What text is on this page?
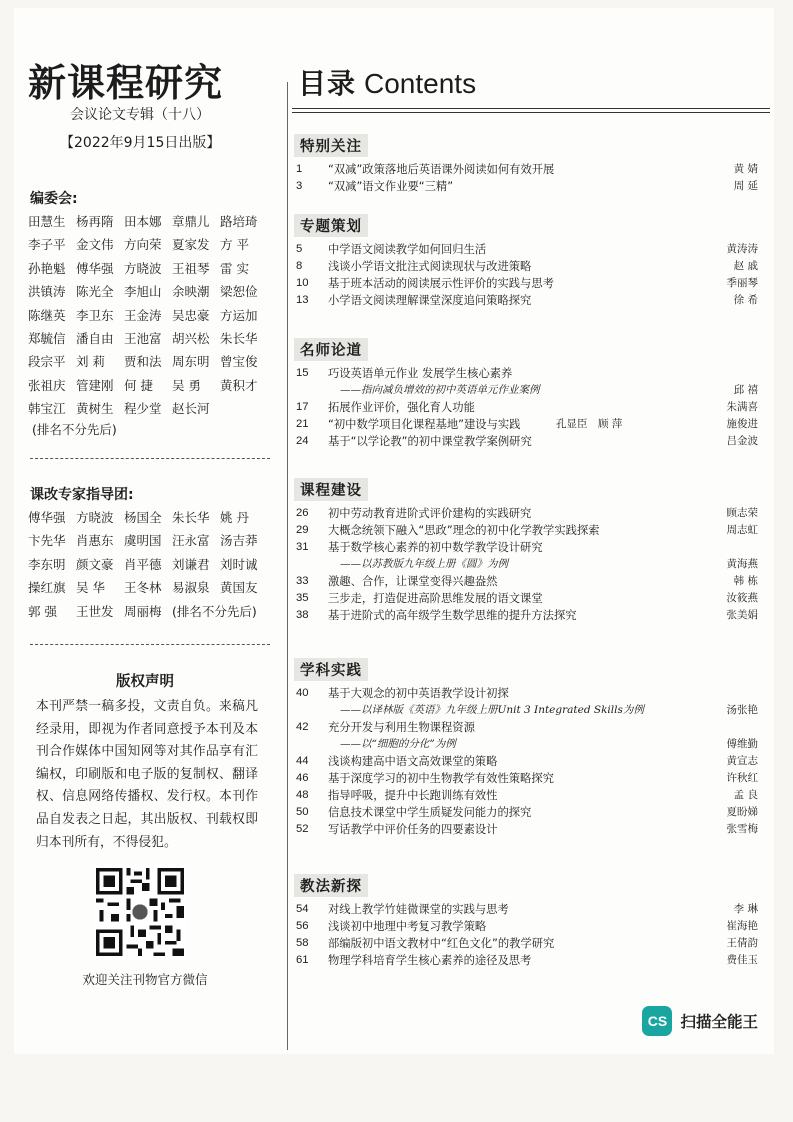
新课程研究
会议论文专辑（十八）
【2022年9月15日出版】
编委会:
田慧生 杨再隋 田本娜 章鼎儿 路培琦
李子平 金文伟 方向荣 夏家发 方 平
孙艳魁 傅华强 方晓波 王祖琴 雷 实
洪镇涛 陈光全 李旭山 余映潮 梁恕俭
陈继英 李卫东 王金涛 吴忠豪 方运加
郑毓信 潘自由 王池富 胡兴松 朱长华
段宗平 刘 莉	贾和法 周东明 曾宝俊
张祖庆 管建刚 何 捷	吴 勇	黄积才
韩宝江 黄树生 程少堂 赵长河
(排名不分先后)
课改专家指导团:
傅华强 方晓波 杨国全 朱长华 姚 丹
卞先华 肖惠东 虞明国 汪永富 汤吉莽
李东明 颜文豪 肖平德 刘谦君 刘时诚
操红旗 吴 华	王冬林 易淑泉 黄国友
郭 强	王世发 周丽梅 (排名不分先后)
版权声明
本刊严禁一稿多投，文责自负。来稿凡经录用，即视为作者同意授予本刊及本刊合作媒体中国知网等对其作品享有汇编权，印刷版和电子版的复制权、翻译权、信息网络传播权、发行权。本刊作品自发表之日起，其出版权、刊载权即归本刊所有，不得侵犯。
欢迎关注刊物官方微信
目录 Contents
特别关注
1	“双减”政策落地后英语课外阅读如何有效开展	黄 婧
3	“双减”语文作业要“三精”	周 延
专题策划
5	中学语文阅读教学如何回归生活	黄涛涛
8	浅谈小学语文批注式阅读现状与改进策略	赵 戚
10	基于班本活动的阅读展示性评价的实践与思考	季丽琴
13	小学语文阅读理解课堂深度追问策略探究	徐 希
名师论道
15	巧设英语单元作业 发展学生核心素养
——指向减负增效的初中英语单元作业案例	邱 禧
17	拓展作业评价，强化育人功能	朱满喜
21	“初中数学项目化课程基地”建设与实践	孔显臣　顾 萍	施俊进
24	基于“以学论教”的初中课堂教学案例研究	吕金波
课程建设
26	初中劳动教育进阶式评价建构的实践研究	顾志荣
29	大概念统领下融入“思政”理念的初中化学教学实践探索	周志虹
31	基于数学核心素养的初中数学教学设计研究
——以苏教版九年级上册《圆》为例	黄海燕
33	激趣、合作，让课堂变得兴趣盎然	韩 栋
35	三步走，打造促进高阶思维发展的语文课堂	汝筱燕
38	基于进阶式的高年级学生数学思维的提升方法探究	张美娟
学科实践
40	基于大观念的初中英语教学设计初探
——以译林版《英语》九年级上册Unit 3 Integrated Skills为例	汤张艳
42	充分开发与利用生物课程资源
——以“细胞的分化”为例	傅维勤
44	浅谈构建高中语文高效课堂的策略	黄宣志
46	基于深度学习的初中生物教学有效性策略探究	许秋红
48	指导呼吸，提升中长跑训练有效性	孟 良
50	信息技术课堂中学生质疑发问能力的探究	夏盼娣
52	写话教学中评价任务的四要素设计	张雪梅
教法新探
54	对线上教学竹娃微课堂的实践与思考	李 琳
56	浅谈初中地理中考复习教学策略	崔海艳
58	部编版初中语文教材中“红色文化”的教学研究	王倩韵
61	物理学科培育学生核心素养的途径及思考	费佳玉
CS 扫描全能王
